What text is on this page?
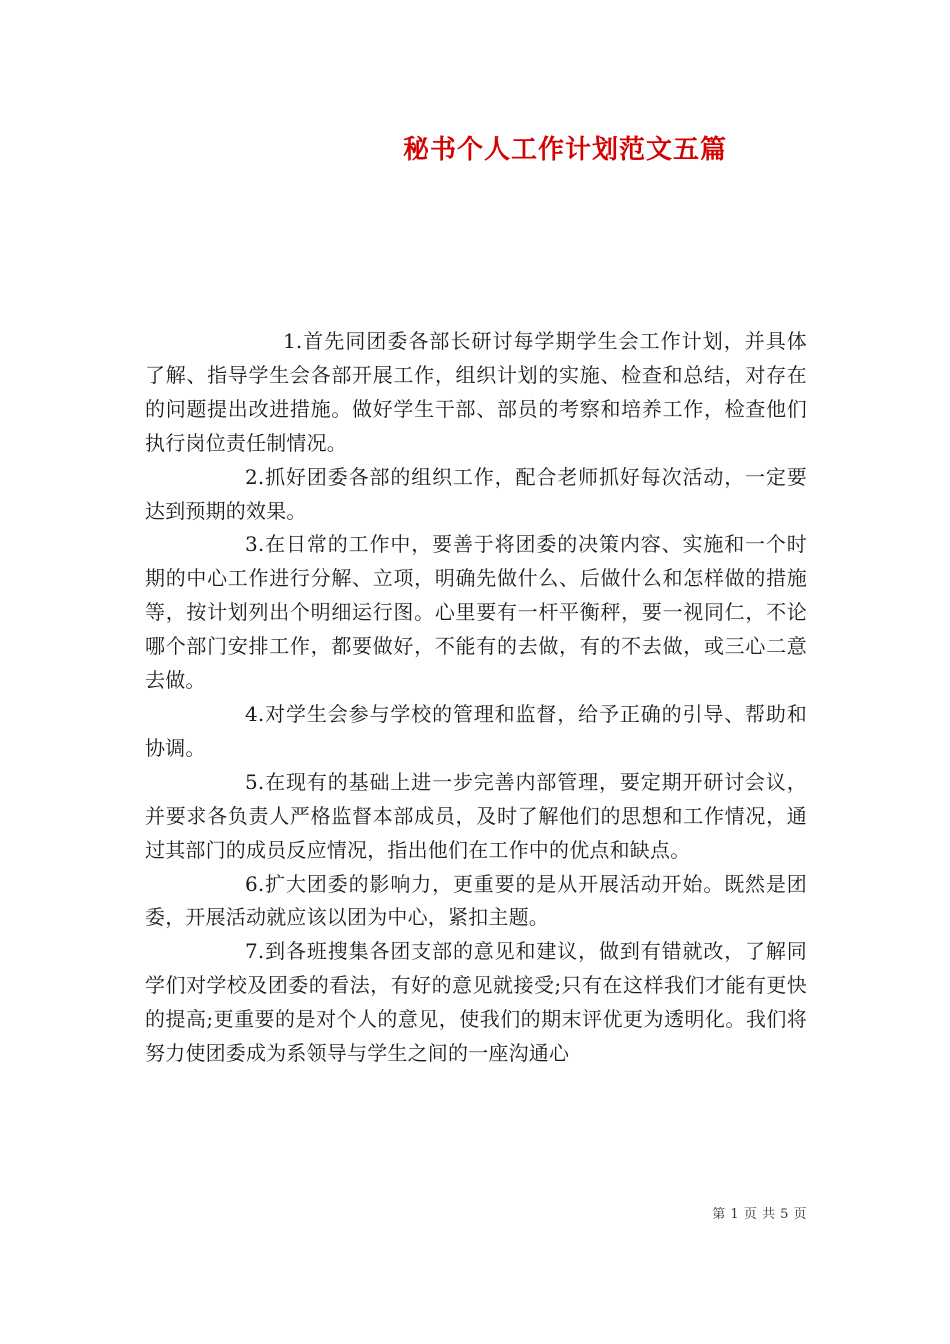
秘书个人工作计划范文五篇

1.首先同团委各部长研讨每学期学生会工作计划，并具体了解、指导学生会各部开展工作，组织计划的实施、检查和总结，对存在的问题提出改进措施。做好学生干部、部员的考察和培养工作，检查他们执行岗位责任制情况。

2.抓好团委各部的组织工作，配合老师抓好每次活动，一定要达到预期的效果。

3.在日常的工作中，要善于将团委的决策内容、实施和一个时期的中心工作进行分解、立项，明确先做什么、后做什么和怎样做的措施等，按计划列出个明细运行图。心里要有一杆平衡秤，要一视同仁，不论哪个部门安排工作，都要做好，不能有的去做，有的不去做，或三心二意去做。

4.对学生会参与学校的管理和监督，给予正确的引导、帮助和协调。

5.在现有的基础上进一步完善内部管理，要定期开研讨会议，并要求各负责人严格监督本部成员，及时了解他们的思想和工作情况，通过其部门的成员反应情况，指出他们在工作中的优点和缺点。

6.扩大团委的影响力，更重要的是从开展活动开始。既然是团委，开展活动就应该以团为中心，紧扣主题。

7.到各班搜集各团支部的意见和建议，做到有错就改，了解同学们对学校及团委的看法，有好的意见就接受;只有在这样我们才能有更快的提高;更重要的是对个人的意见，使我们的期末评优更为透明化。我们将努力使团委成为系领导与学生之间的一座沟通心

第 1 页 共 5 页
